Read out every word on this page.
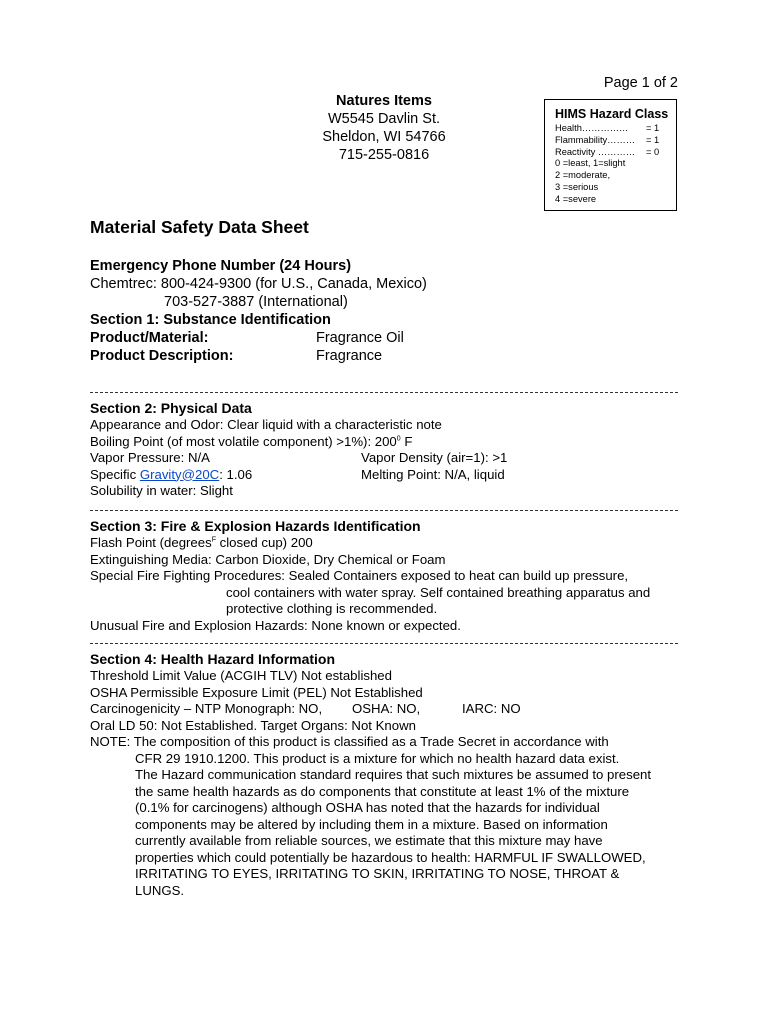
Page 1 of 2
Natures Items
W5545 Davlin St.
Sheldon, WI 54766
715-255-0816
HIMS Hazard Class
Health……………	= 1
Flammability………	= 1
Reactivity …………	= 0
0 =least, 1=slight
2 =moderate,
3 =serious
4 =severe
Material Safety Data Sheet
Emergency Phone Number (24 Hours)
Chemtrec: 800-424-9300 (for U.S., Canada, Mexico)
703-527-3887 (International)
Section 1: Substance Identification
Product/Material:	Fragrance Oil
Product Description:	Fragrance
Section 2: Physical Data
Appearance and Odor: Clear liquid with a characteristic note
Boiling Point (of most volatile component) >1%): $200^0$ F
Vapor Pressure: N/A	Vapor Density (air=1): >1
Specific Gravity@20C: 1.06	Melting Point: N/A, liquid
Solubility in water: Slight
Section 3: Fire & Explosion Hazards Identification
Flash Point (degrees$^F$ closed cup) 200
Extinguishing Media: Carbon Dioxide, Dry Chemical or Foam
Special Fire Fighting Procedures: Sealed Containers exposed to heat can build up pressure,
cool containers with water spray. Self contained breathing apparatus and
protective clothing is recommended.
Unusual Fire and Explosion Hazards: None known or expected.
Section 4: Health Hazard Information
Threshold Limit Value (ACGIH TLV) Not established
OSHA Permissible Exposure Limit (PEL) Not Established
Carcinogenicity – NTP Monograph: NO,	OSHA: NO,	IARC: NO
Oral LD 50: Not Established. Target Organs: Not Known
NOTE: The composition of this product is classified as a Trade Secret in accordance with
CFR 29 1910.1200. This product is a mixture for which no health hazard data exist.
The Hazard communication standard requires that such mixtures be assumed to present
the same health hazards as do components that constitute at least 1% of the mixture
(0.1% for carcinogens) although OSHA has noted that the hazards for individual
components may be altered by including them in a mixture. Based on information
currently available from reliable sources, we estimate that this mixture may have
properties which could potentially be hazardous to health: HARMFUL IF SWALLOWED,
IRRITATING TO EYES, IRRITATING TO SKIN, IRRITATING TO NOSE, THROAT &
LUNGS.
